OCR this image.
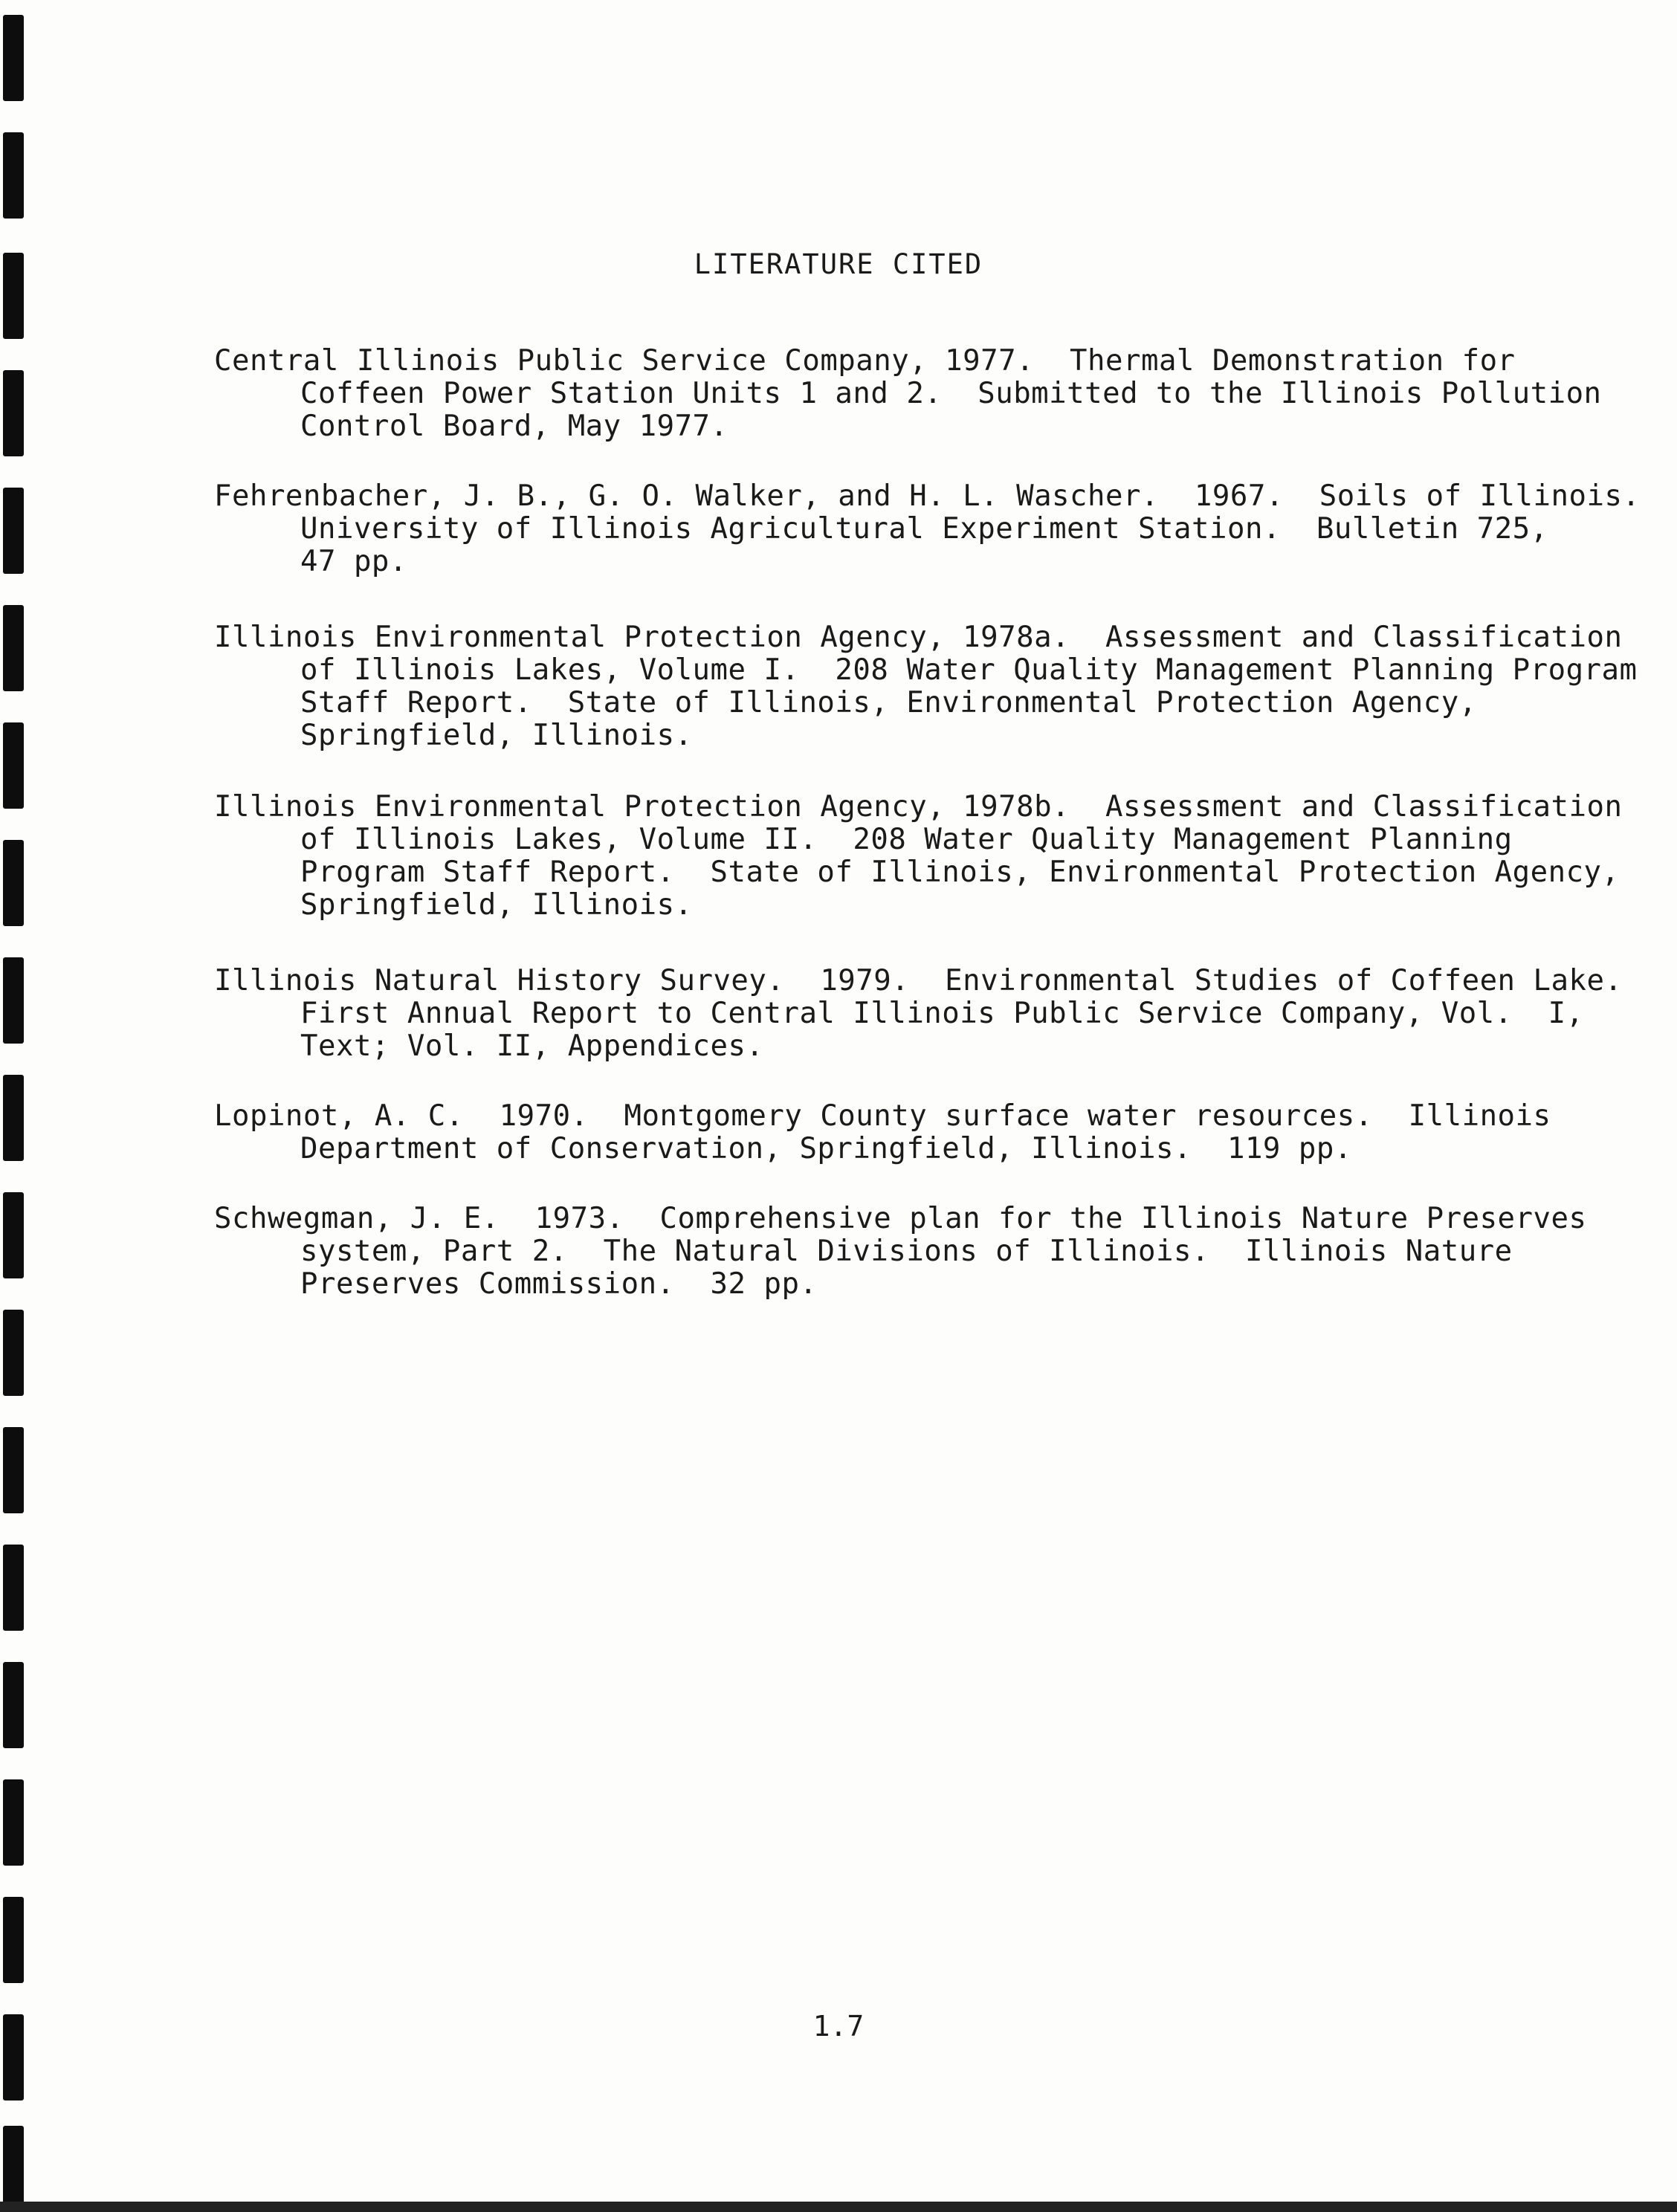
LITERATURE CITED
Central Illinois Public Service Company, 1977.  Thermal Demonstration for
Coffeen Power Station Units 1 and 2.  Submitted to the Illinois Pollution
Control Board, May 1977.
Fehrenbacher, J. B., G. O. Walker, and H. L. Wascher.  1967.  Soils of Illinois.
University of Illinois Agricultural Experiment Station.  Bulletin 725,
47 pp.
Illinois Environmental Protection Agency, 1978a.  Assessment and Classification
of Illinois Lakes, Volume I.  208 Water Quality Management Planning Program
Staff Report.  State of Illinois, Environmental Protection Agency,
Springfield, Illinois.
Illinois Environmental Protection Agency, 1978b.  Assessment and Classification
of Illinois Lakes, Volume II.  208 Water Quality Management Planning
Program Staff Report.  State of Illinois, Environmental Protection Agency,
Springfield, Illinois.
Illinois Natural History Survey.  1979.  Environmental Studies of Coffeen Lake.
First Annual Report to Central Illinois Public Service Company, Vol.  I,
Text; Vol. II, Appendices.
Lopinot, A. C.  1970.  Montgomery County surface water resources.  Illinois
Department of Conservation, Springfield, Illinois.  119 pp.
Schwegman, J. E.  1973.  Comprehensive plan for the Illinois Nature Preserves
system, Part 2.  The Natural Divisions of Illinois.  Illinois Nature
Preserves Commission.  32 pp.
1.7
